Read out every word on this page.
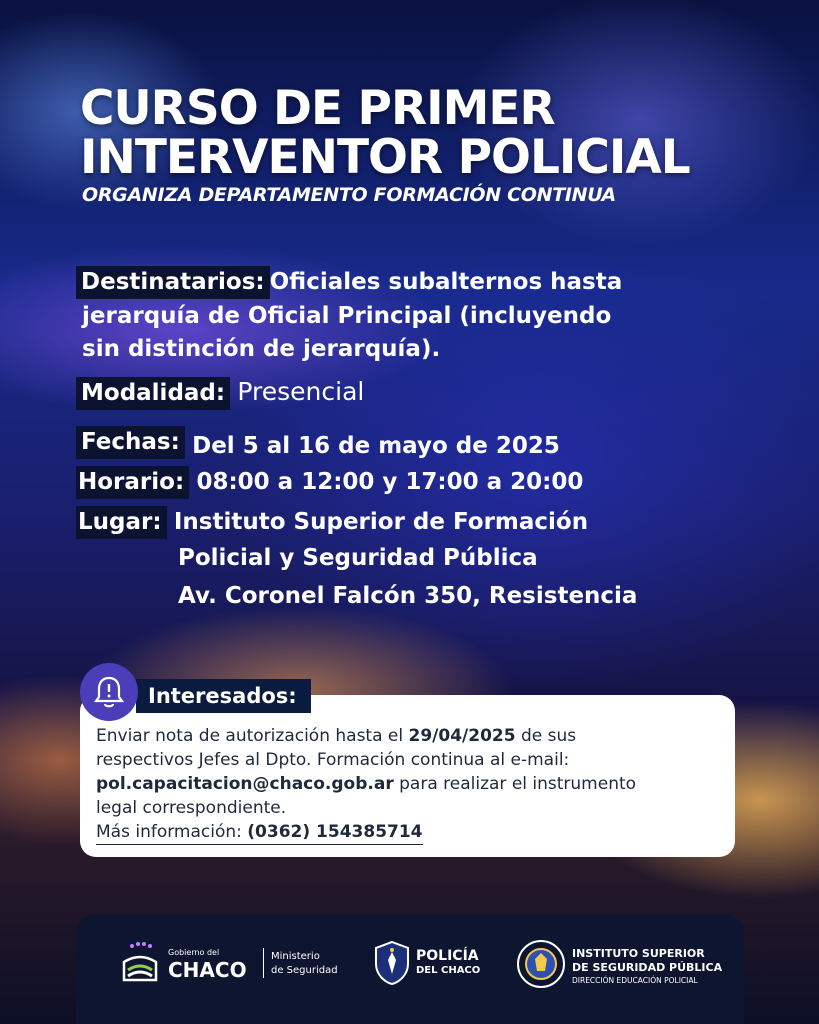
CURSO DE PRIMER
INTERVENTOR POLICIAL
ORGANIZA DEPARTAMENTO FORMACIÓN CONTINUA
Destinatarios: Oficiales subalternos hasta
jerarquía de Oficial Principal (incluyendo
sin distinción de jerarquía).
Modalidad: Presencial
Fechas: Del 5 al 16 de mayo de 2025
Horario: 08:00 a 12:00 y 17:00 a 20:00
Lugar: Instituto Superior de Formación
Policial y Seguridad Pública
Av. Coronel Falcón 350, Resistencia
Interesados:
Enviar nota de autorización hasta el 29/04/2025 de sus
respectivos Jefes al Dpto. Formación continua al e-mail:
pol.capacitacion@chaco.gob.ar para realizar el instrumento
legal correspondiente.
Más información: (0362) 154385714
Gobierno del
CHACO
Ministerio
de Seguridad
POLICÍA
DEL CHACO
INSTITUTO SUPERIOR
DE SEGURIDAD PÚBLICA
DIRECCIÓN EDUCACIÓN POLICIAL
